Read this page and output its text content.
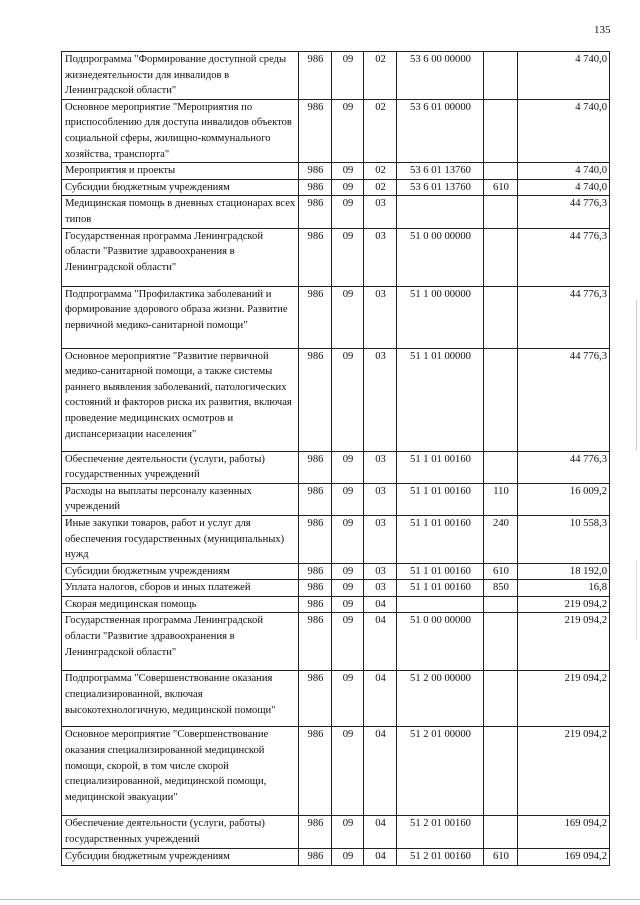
135
Подпрограмма "Формирование доступной среды жизнедеятельности для инвалидов в Ленинградской области"	986	09	02	53 6 00 00000		4 740,0
Основное мероприятие "Мероприятия по приспособлению для доступа инвалидов объектов социальной сферы, жилищно-коммунального хозяйства, транспорта"	986	09	02	53 6 01 00000		4 740,0
Мероприятия и проекты	986	09	02	53 6 01 13760		4 740,0
Субсидии бюджетным учреждениям	986	09	02	53 6 01 13760	610	4 740,0
Медицинская помощь в дневных стационарах всех типов	986	09	03			44 776,3
Государственная программа Ленинградской области "Развитие здравоохранения в Ленинградской области"	986	09	03	51 0 00 00000		44 776,3
Подпрограмма "Профилактика заболеваний и формирование здорового образа жизни. Развитие первичной медико-санитарной помощи"	986	09	03	51 1 00 00000		44 776,3
Основное мероприятие "Развитие первичной медико-санитарной помощи, а также системы раннего выявления заболеваний, патологических состояний и факторов риска их развития, включая проведение медицинских осмотров и диспансеризации населения"	986	09	03	51 1 01 00000		44 776,3
Обеспечение деятельности (услуги, работы) государственных учреждений	986	09	03	51 1 01 00160		44 776,3
Расходы на выплаты персоналу казенных учреждений	986	09	03	51 1 01 00160	110	16 009,2
Иные закупки товаров, работ и услуг для обеспечения государственных (муниципальных) нужд	986	09	03	51 1 01 00160	240	10 558,3
Субсидии бюджетным учреждениям	986	09	03	51 1 01 00160	610	18 192,0
Уплата налогов, сборов и иных платежей	986	09	03	51 1 01 00160	850	16,8
Скорая медицинская помощь	986	09	04			219 094,2
Государственная программа Ленинградской области "Развитие здравоохранения в Ленинградской области"	986	09	04	51 0 00 00000		219 094,2
Подпрограмма "Совершенствование оказания специализированной, включая высокотехнологичную, медицинской помощи"	986	09	04	51 2 00 00000		219 094,2
Основное мероприятие "Совершенствование оказания специализированной медицинской помощи, скорой, в том числе скорой специализированной, медицинской помощи, медицинской эвакуации"	986	09	04	51 2 01 00000		219 094,2
Обеспечение деятельности (услуги, работы) государственных учреждений	986	09	04	51 2 01 00160		169 094,2
Субсидии бюджетным учреждениям	986	09	04	51 2 01 00160	610	169 094,2
